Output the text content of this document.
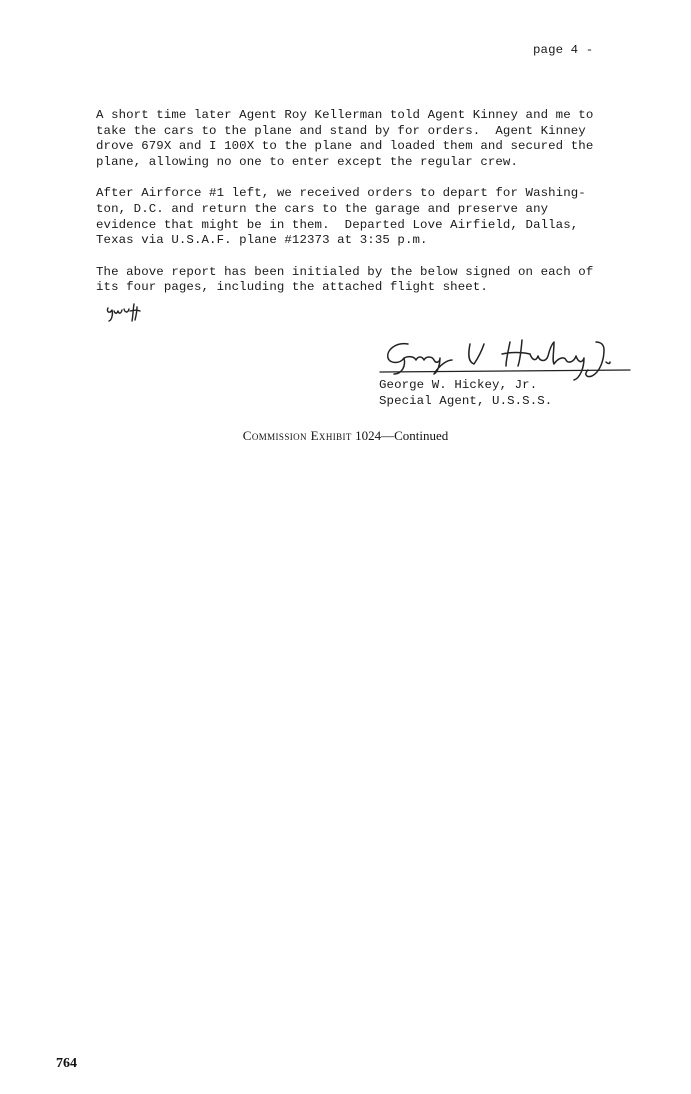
page 4 -

A short time later Agent Roy Kellerman told Agent Kinney and me to
take the cars to the plane and stand by for orders.  Agent Kinney
drove 679X and I 100X to the plane and loaded them and secured the
plane, allowing no one to enter except the regular crew.

After Airforce #1 left, we received orders to depart for Washing-
ton, D.C. and return the cars to the garage and preserve any
evidence that might be in them.  Departed Love Airfield, Dallas,
Texas via U.S.A.F. plane #12373 at 3:35 p.m.

The above report has been initialed by the below signed on each of
its four pages, including the attached flight sheet.

George W. Hickey, Jr.
Special Agent, U.S.S.S.
Commission Exhibit 1024—Continued
764
